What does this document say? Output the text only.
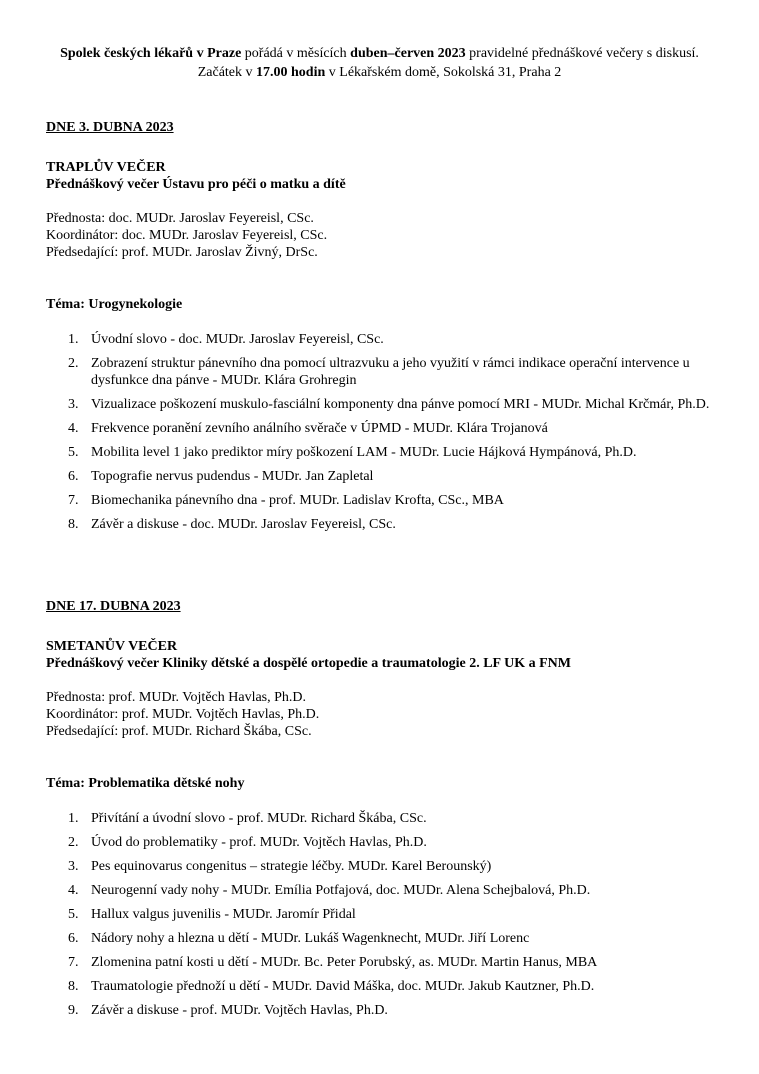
Spolek českých lékařů v Praze pořádá v měsících duben–červen 2023 pravidelné přednáškové večery s diskusí. Začátek v 17.00 hodin v Lékařském domě, Sokolská 31, Praha 2
DNE 3. DUBNA 2023
TRAPLŮV VEČER
Přednáškový večer Ústavu pro péči o matku a dítě
Přednosta: doc. MUDr. Jaroslav Feyereisl, CSc.
Koordinátor: doc. MUDr. Jaroslav Feyereisl, CSc.
Předsedající: prof. MUDr. Jaroslav Živný, DrSc.
Téma: Urogynekologie
1. Úvodní slovo - doc. MUDr. Jaroslav Feyereisl, CSc.
2. Zobrazení struktur pánevního dna pomocí ultrazvuku a jeho využití v rámci indikace operační intervence u dysfunkce dna pánve - MUDr. Klára Grohregin
3. Vizualizace poškození muskulo-fasciální komponenty dna pánve pomocí MRI - MUDr. Michal Krčmár, Ph.D.
4. Frekvence poranění zevního análního svěrače v ÚPMD - MUDr. Klára Trojanová
5. Mobilita level 1 jako prediktor míry poškození LAM - MUDr. Lucie Hájková Hympánová, Ph.D.
6. Topografie nervus pudendus - MUDr. Jan Zapletal
7. Biomechanika pánevního dna - prof. MUDr. Ladislav Krofta, CSc., MBA
8. Závěr a diskuse - doc. MUDr. Jaroslav Feyereisl, CSc.
DNE 17. DUBNA 2023
SMETANŮV VEČER
Přednáškový večer Kliniky dětské a dospělé ortopedie a traumatologie 2. LF UK a FNM
Přednosta: prof. MUDr. Vojtěch Havlas, Ph.D.
Koordinátor: prof. MUDr. Vojtěch Havlas, Ph.D.
Předsedající: prof. MUDr. Richard Škába, CSc.
Téma: Problematika dětské nohy
1. Přivítání a úvodní slovo - prof. MUDr. Richard Škába, CSc.
2. Úvod do problematiky - prof. MUDr. Vojtěch Havlas, Ph.D.
3. Pes equinovarus congenitus – strategie léčby. MUDr. Karel Berounský)
4. Neurogenní vady nohy - MUDr. Emília Potfajová, doc. MUDr. Alena Schejbalová, Ph.D.
5. Hallux valgus juvenilis - MUDr. Jaromír Přidal
6. Nádory nohy a hlezna u dětí - MUDr. Lukáš Wagenknecht, MUDr. Jiří Lorenc
7. Zlomenina patní kosti u dětí - MUDr. Bc. Peter Porubský, as. MUDr. Martin Hanus, MBA
8. Traumatologie přednoží u dětí - MUDr. David Máška, doc. MUDr. Jakub Kautzner, Ph.D.
9. Závěr a diskuse - prof. MUDr. Vojtěch Havlas, Ph.D.
